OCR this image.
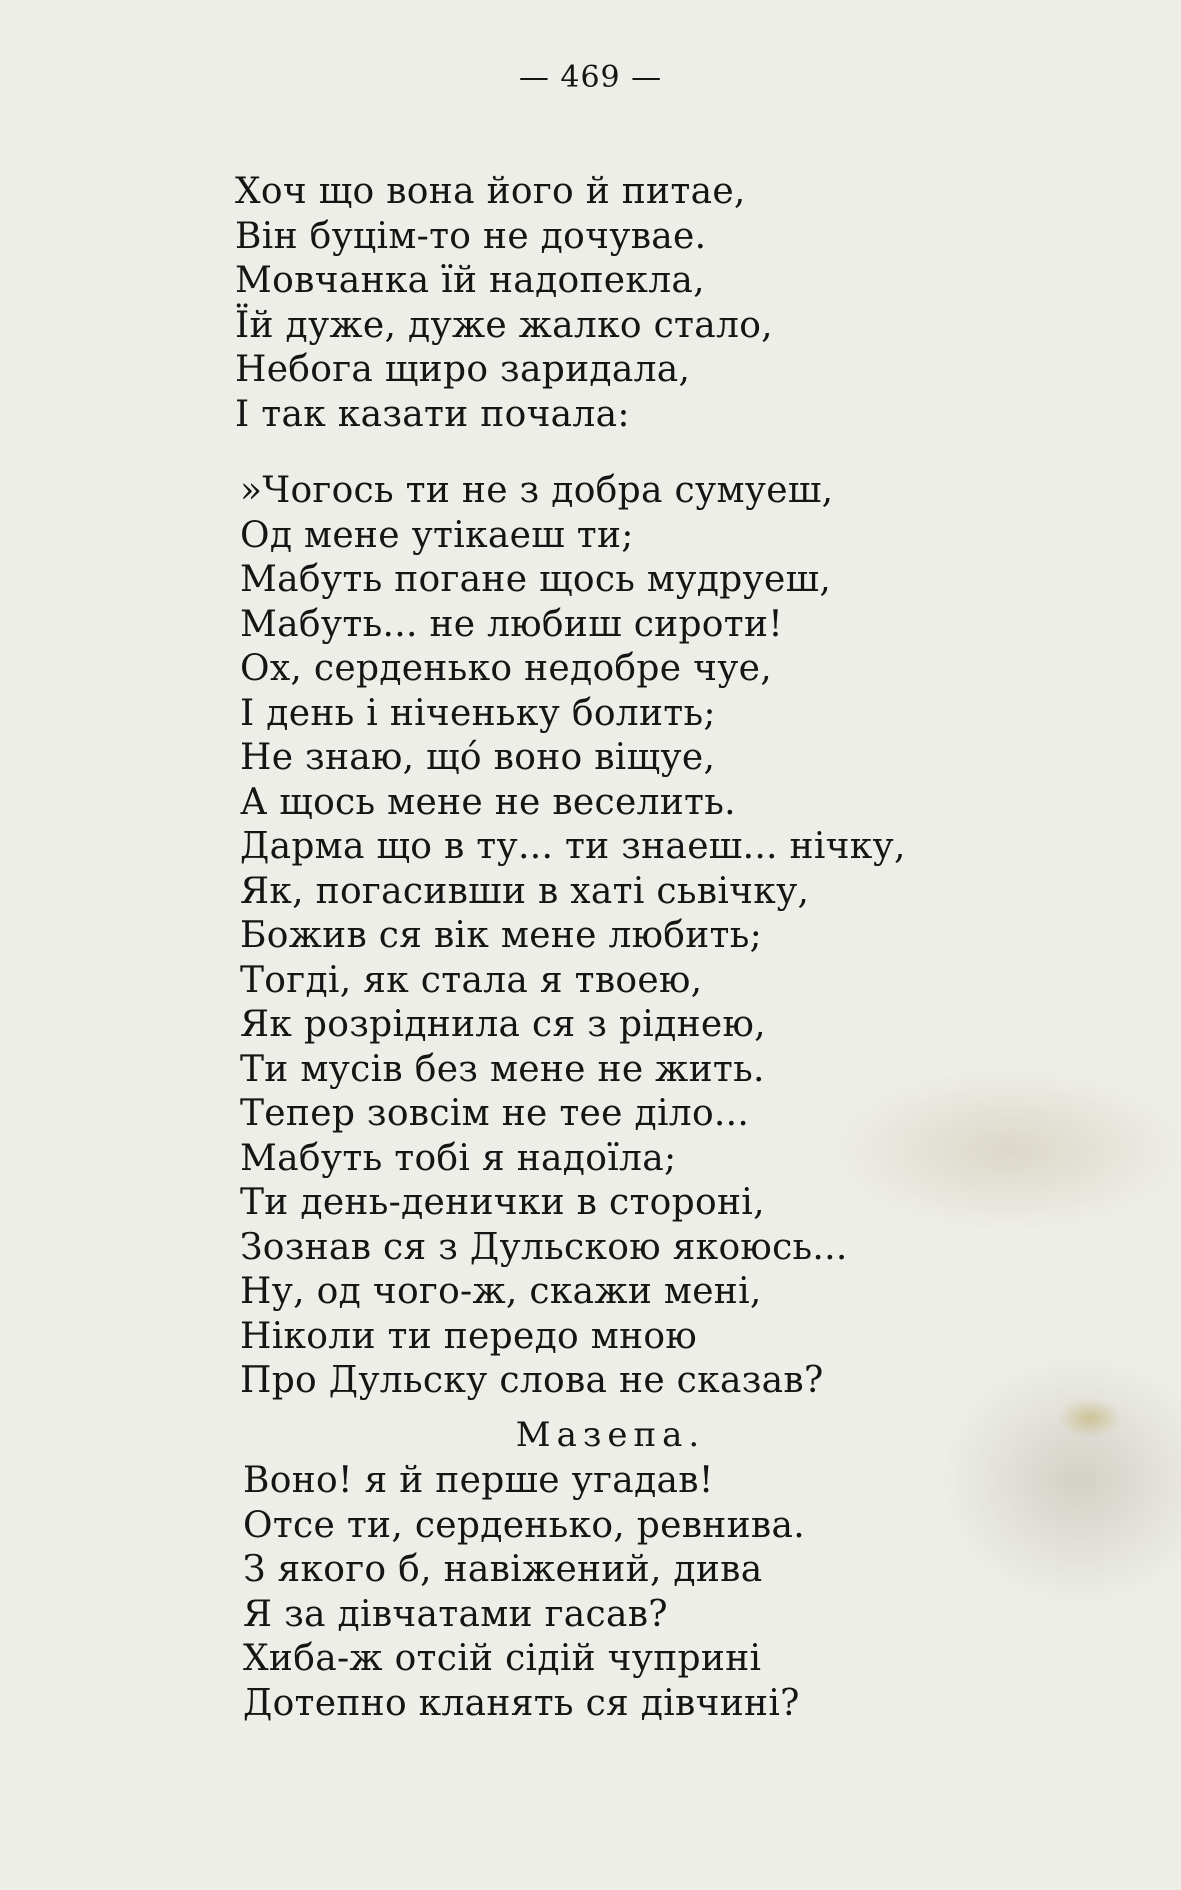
— 469 —
Хоч що вона його й питае,
Він буцім-то не дочувае.
Мовчанка їй надопекла,
Їй дуже, дуже жалко стало,
Небога щиро заридала,
І так казати почала:
»Чогось ти не з добра сумуеш,
Од мене утікаеш ти;
Мабуть погане щось мудруеш,
Мабуть... не любиш сироти!
Ох, серденько недобре чуе,
І день і ніченьку болить;
Не знаю, щó воно віщуе,
А щось мене не веселить.
Дарма що в ту... ти знаеш... нічку,
Як, погасивши в хаті сьвічку,
Божив ся вік мене любить;
Тогді, як стала я твоею,
Як розріднила ся з ріднею,
Ти мусів без мене не жить.
Тепер зовсім не тее діло...
Мабуть тобі я надоїла;
Ти день-денички в стороні,
Зознав ся з Дульскою якоюсь...
Ну, од чого-ж, скажи мені,
Ніколи ти передо мною
Про Дульску слова не сказав?
Мазепа.
Воно! я й перше угадав!
Отсе ти, серденько, ревнива.
З якого б, навіжений, дива
Я за дівчатами гасав?
Хиба-ж отсій сідій чуприні
Дотепно кланять ся дівчині?
